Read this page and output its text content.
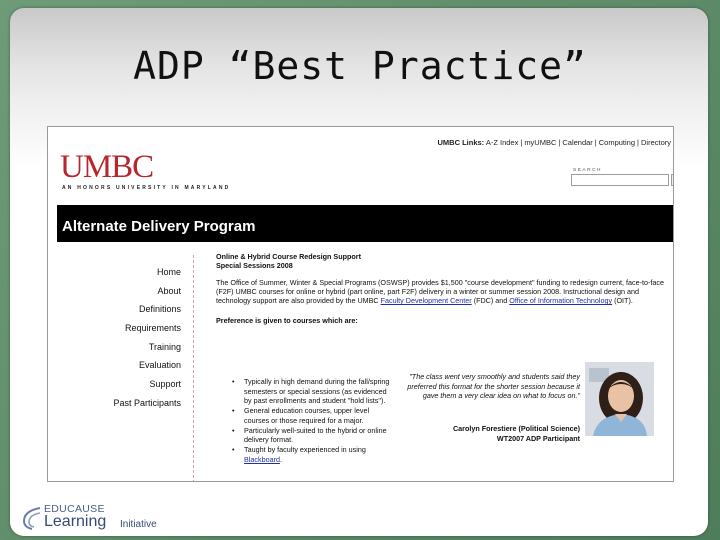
ADP “Best Practice”
UMBC Links: A-Z Index | myUMBC | Calendar | Computing | Directory
UMBC
AN HONORS UNIVERSITY IN MARYLAND
SEARCH
Alternate Delivery Program
Home
About
Definitions
Requirements
Training
Evaluation
Support
Past Participants
Online & Hybrid Course Redesign Support
Special Sessions 2008
The Office of Summer, Winter & Special Programs (OSWSP) provides $1,500 "course development" funding to redesign current, face-to-face (F2F) UMBC courses for online or hybrid (part online, part F2F) delivery in a winter or summer session 2008. Instructional design and technology support are also provided by the UMBC Faculty Development Center (FDC) and Office of Information Technology (OIT).
Preference is given to courses which are:
• Typically in high demand during the fall/spring semesters or special sessions (as evidenced by past enrollments and student "hold lists").
• General education courses, upper level courses or those required for a major.
• Particularly well-suited to the hybrid or online delivery format.
• Taught by faculty experienced in using Blackboard.
"The class went very smoothly and students said they preferred this format for the shorter session because it gave them a very clear idea on what to focus on."
Carolyn Forestiere (Political Science)
WT2007 ADP Participant
EDUCAUSE
Learning Initiative
